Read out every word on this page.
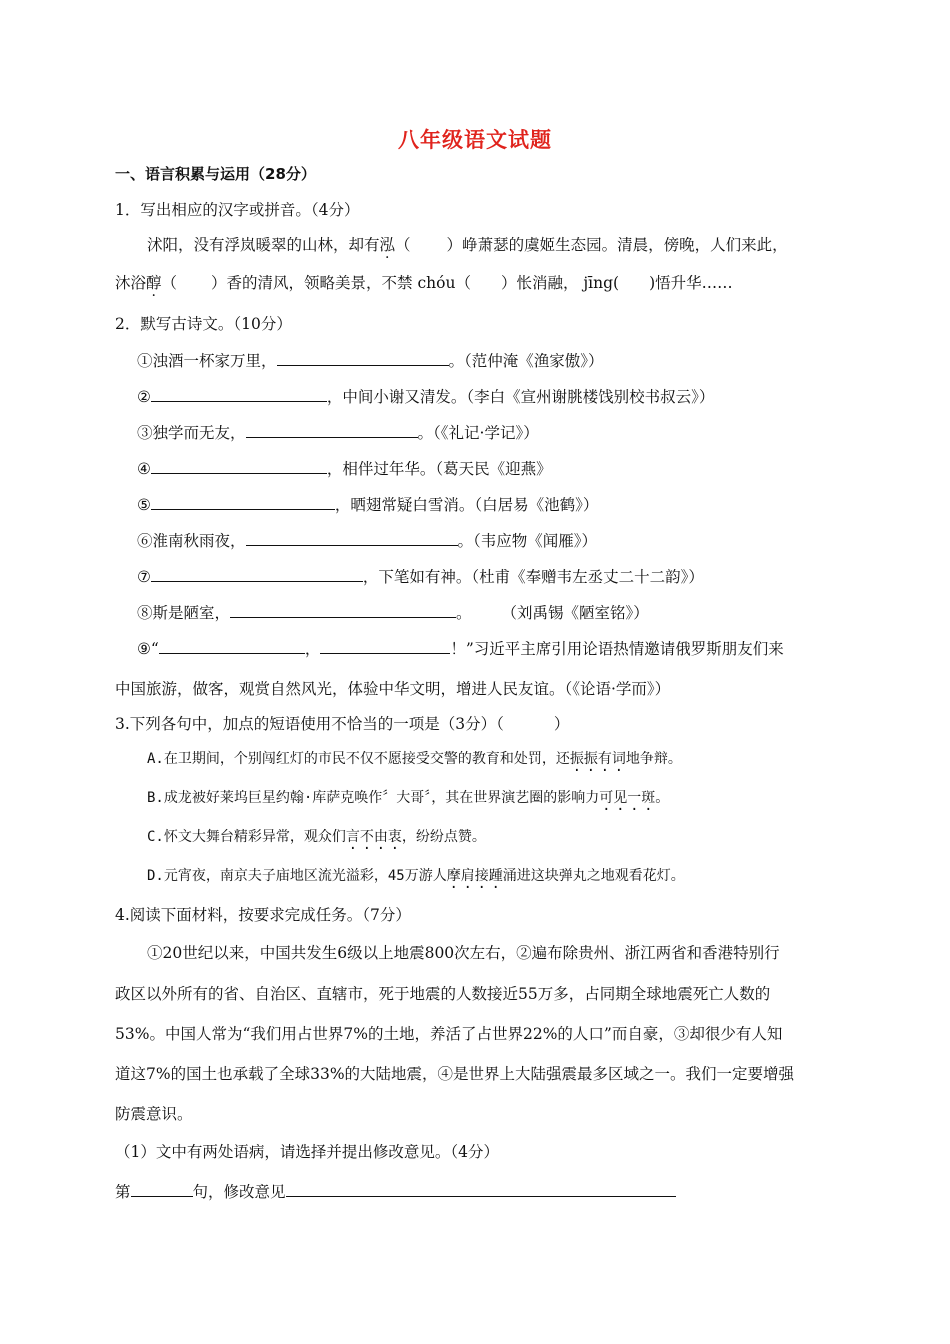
八年级语文试题
一、语言积累与运用（28分）
1．写出相应的汉字或拼音。（4分）
沭阳，没有浮岚暖翠的山林，却有泓（ ）峥萧瑟的虞姬生态园。清晨，傍晚，人们来此，
沐浴醇（ ）香的清风，领略美景，不禁 chóu（ ）怅消融， jīng( )悟升华……
2．默写古诗文。（10分）
①浊酒一杯家万里，	。（范仲淹《渔家傲》）
②	，中间小谢又清发。（李白《宣州谢朓楼饯别校书叔云》）
③独学而无友，	。（《礼记·学记》）
④	，相伴过年华。（葛天民《迎燕》
⑤	，晒翅常疑白雪消。（白居易《池鹤》）
⑥淮南秋雨夜，	。（韦应物《闻雁》）
⑦	，下笔如有神。（杜甫《奉赠韦左丞丈二十二韵》）
⑧斯是陋室，	。 （刘禹锡《陋室铭》）
⑨“	，	！”习近平主席引用论语热情邀请俄罗斯朋友们来
中国旅游，做客，观赏自然风光，体验中华文明，增进人民友谊。（《论语·学而》）
3.下列各句中，加点的短语使用不恰当的一项是（3分）（	）
A.在卫期间，个别闯红灯的市民不仅不愿接受交警的教育和处罚，还振振有词地争辩。
B.成龙被好莱坞巨星约翰·库萨克唤作〞大哥〞，其在世界演艺圈的影响力可见一斑。
C.怀文大舞台精彩异常，观众们言不由衷，纷纷点赞。
D.元宵夜，南京夫子庙地区流光溢彩，45万游人摩肩接踵涌进这块弹丸之地观看花灯。
4.阅读下面材料，按要求完成任务。（7分）
①20世纪以来，中国共发生6级以上地震800次左右，②遍布除贵州、浙江两省和香港特别行
政区以外所有的省、自治区、直辖市，死于地震的人数接近55万多，占同期全球地震死亡人数的
53%。中国人常为“我们用占世界7%的土地，养活了占世界22%的人口”而自豪，③却很少有人知
道这7%的国土也承载了全球33%的大陆地震，④是世界上大陆强震最多区域之一。我们一定要增强
防震意识。
（1）文中有两处语病，请选择并提出修改意见。（4分）
第	句，修改意见
